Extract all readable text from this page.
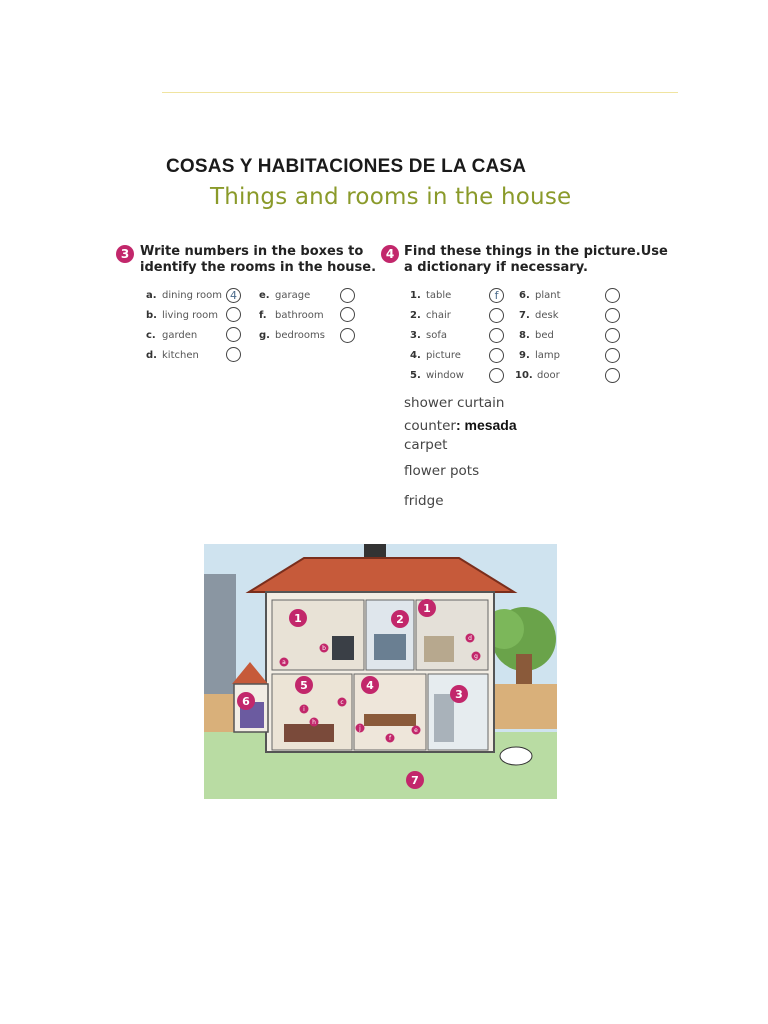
COSAS Y HABITACIONES DE LA CASA
Things and rooms in the house
3 Write numbers in the boxes to
identify the rooms in the house.
a. dining room 4
b. living room
c. garden
d. kitchen
e. garage
f. bathroom
g. bedrooms
4 Find these things in the picture.Use
a dictionary if necessary.
1. table	f
2. chair
3. sofa
4. picture
5. window
6. plant
7. desk
8. bed
9. lamp
10. door
shower curtain
counter: mesada
carpet
flower pots
fridge
1	2
1
5	4
3
6
7
a
b
d
g
i
h
c
f
e
j
